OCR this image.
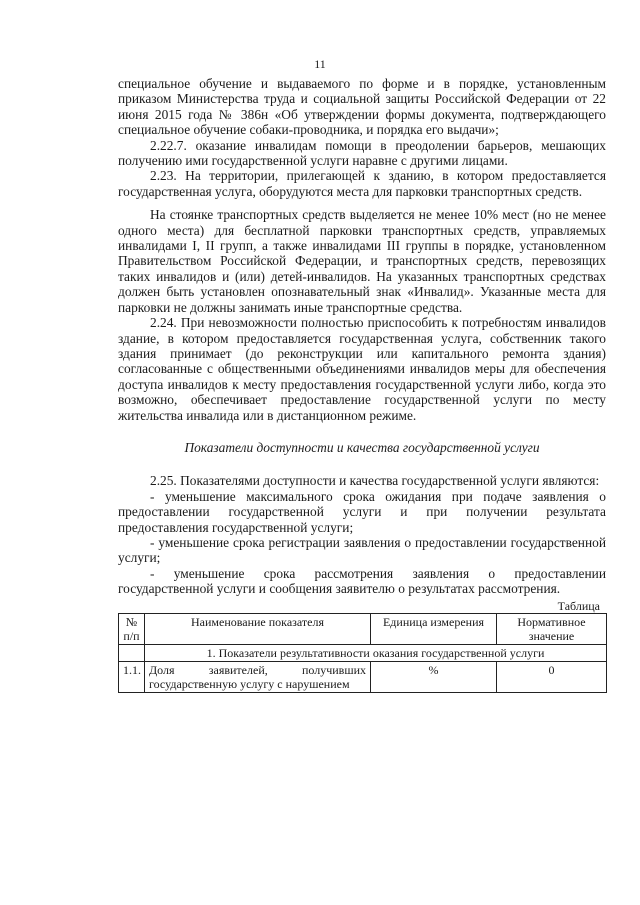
11

специальное обучение и выдаваемого по форме и в порядке, установленным приказом Министерства труда и социальной защиты Российской Федерации от 22 июня 2015 года № 386н «Об утверждении формы документа, подтверждающего специальное обучение собаки-проводника, и порядка его выдачи»;

2.22.7. оказание инвалидам помощи в преодолении барьеров, мешающих получению ими государственной услуги наравне с другими лицами.

2.23. На территории, прилегающей к зданию, в котором предоставляется государственная услуга, оборудуются места для парковки транспортных средств.

На стоянке транспортных средств выделяется не менее 10% мест (но не менее одного места) для бесплатной парковки транспортных средств, управляемых инвалидами I, II групп, а также инвалидами III группы в порядке, установленном Правительством Российской Федерации, и транспортных средств, перевозящих таких инвалидов и (или) детей-инвалидов. На указанных транспортных средствах должен быть установлен опознавательный знак «Инвалид». Указанные места для парковки не должны занимать иные транспортные средства.

2.24. При невозможности полностью приспособить к потребностям инвалидов здание, в котором предоставляется государственная услуга, собственник такого здания принимает (до реконструкции или капитального ремонта здания) согласованные с общественными объединениями инвалидов меры для обеспечения доступа инвалидов к месту предоставления государственной услуги либо, когда это возможно, обеспечивает предоставление государственной услуги по месту жительства инвалида или в дистанционном режиме.

Показатели доступности и качества государственной услуги

2.25. Показателями доступности и качества государственной услуги являются:

- уменьшение максимального срока ожидания при подаче заявления о предоставлении государственной услуги и при получении результата предоставления государственной услуги;

- уменьшение срока регистрации заявления о предоставлении государственной услуги;

- уменьшение срока рассмотрения заявления о предоставлении государственной услуги и сообщения заявителю о результатах рассмотрения.

Таблица
№ п/п	Наименование показателя	Единица измерения	Нормативное значение
	1. Показатели результативности оказания государственной услуги		
1.1.	Доля заявителей, получивших государственную услугу с нарушением	%	0
